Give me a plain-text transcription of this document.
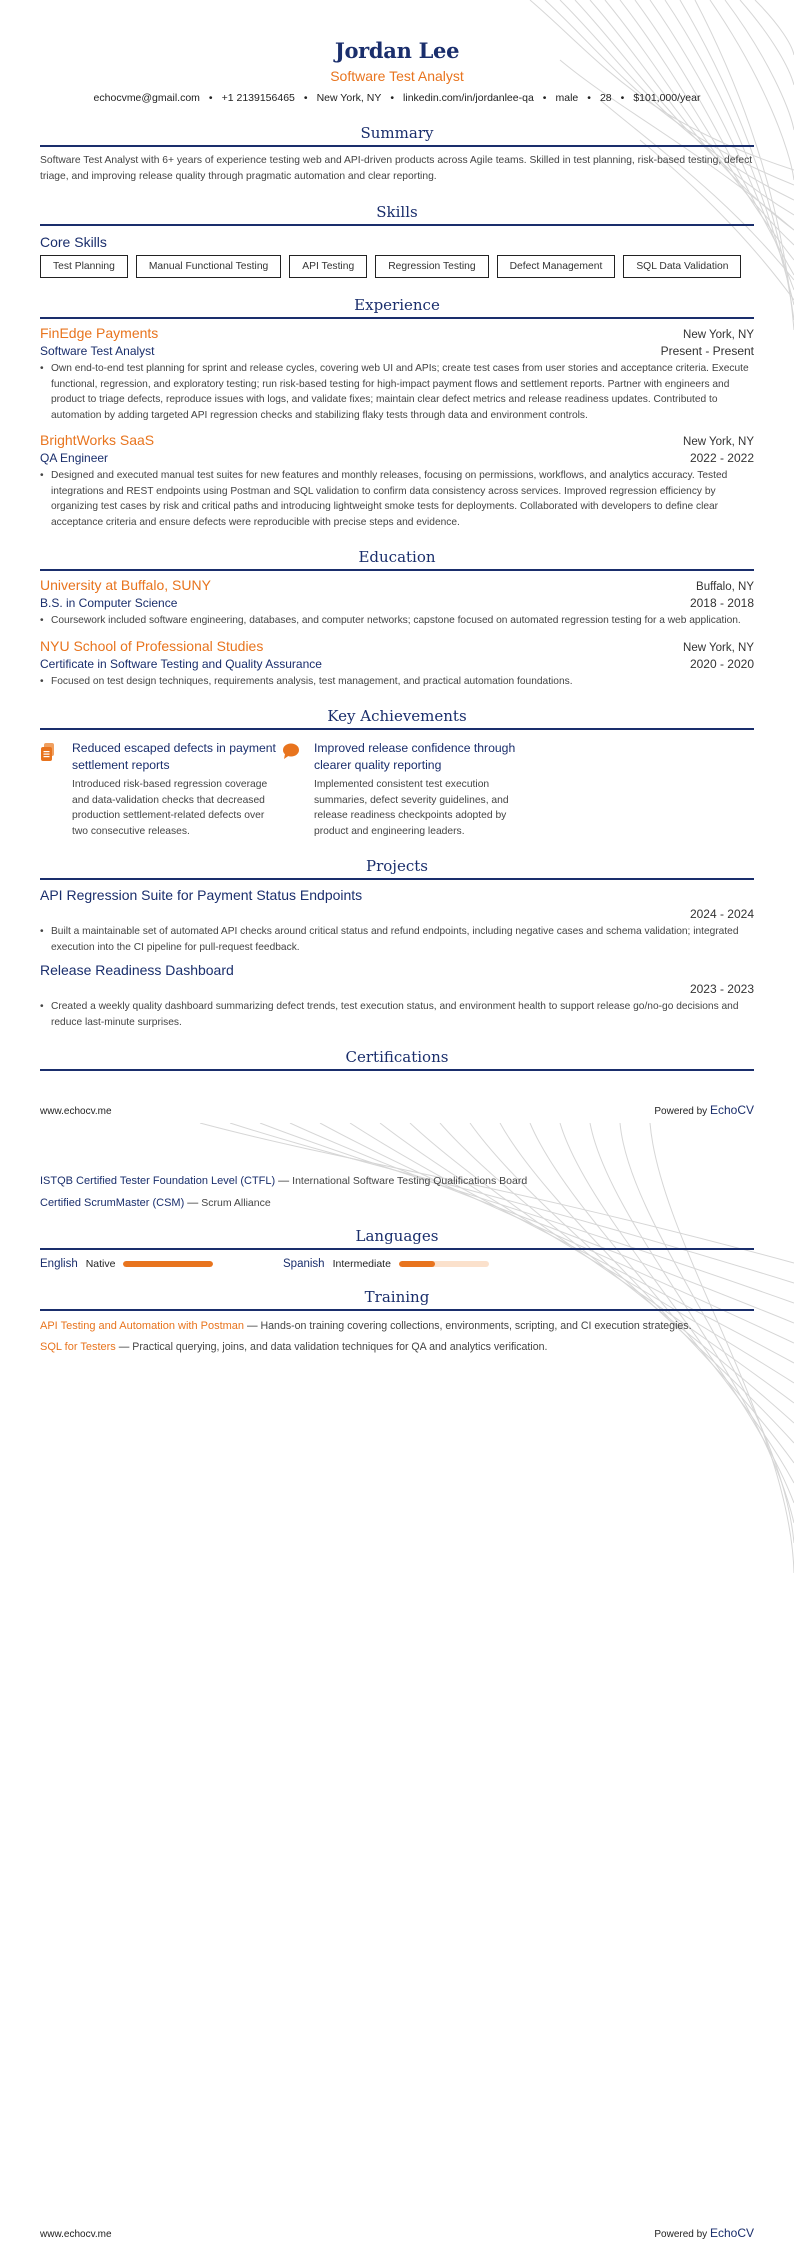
Jordan Lee
Software Test Analyst
echocvme@gmail.com • +1 2139156465 • New York, NY • linkedin.com/in/jordanlee-qa • male • 28 • $101,000/year
Summary

Software Test Analyst with 6+ years of experience testing web and API-driven products across Agile teams. Skilled in test planning, risk-based testing, defect triage, and improving release quality through pragmatic automation and clear reporting.

Skills
Core Skills
Test Planning	Manual Functional Testing	API Testing	Regression Testing	Defect Management	SQL Data Validation
Experience
FinEdge Payments	New York, NY
Software Test Analyst	Present - Present
• Own end-to-end test planning for sprint and release cycles, covering web UI and APIs; create test cases from user stories and acceptance criteria. Execute functional, regression, and exploratory testing; run risk-based testing for high-impact payment flows and settlement reports. Partner with engineers and product to triage defects, reproduce issues with logs, and validate fixes; maintain clear defect metrics and release readiness updates. Contributed to automation by adding targeted API regression checks and stabilizing flaky tests through data and environment controls.
BrightWorks SaaS	New York, NY
QA Engineer	2022 - 2022
• Designed and executed manual test suites for new features and monthly releases, focusing on permissions, workflows, and analytics accuracy. Tested integrations and REST endpoints using Postman and SQL validation to confirm data consistency across services. Improved regression efficiency by organizing test cases by risk and critical paths and introducing lightweight smoke tests for deployments. Collaborated with developers to define clear acceptance criteria and ensure defects were reproducible with precise steps and evidence.
Education
University at Buffalo, SUNY	Buffalo, NY
B.S. in Computer Science	2018 - 2018
• Coursework included software engineering, databases, and computer networks; capstone focused on automated regression testing for a web application.
NYU School of Professional Studies	New York, NY
Certificate in Software Testing and Quality Assurance	2020 - 2020
• Focused on test design techniques, requirements analysis, test management, and practical automation foundations.
Key Achievements
Reduced escaped defects in payment settlement reports
Introduced risk-based regression coverage and data-validation checks that decreased production settlement-related defects over two consecutive releases.
Improved release confidence through clearer quality reporting
Implemented consistent test execution summaries, defect severity guidelines, and release readiness checkpoints adopted by product and engineering leaders.
Projects
API Regression Suite for Payment Status Endpoints
2024 - 2024
• Built a maintainable set of automated API checks around critical status and refund endpoints, including negative cases and schema validation; integrated execution into the CI pipeline for pull-request feedback.
Release Readiness Dashboard
2023 - 2023
• Created a weekly quality dashboard summarizing defect trends, test execution status, and environment health to support release go/no-go decisions and reduce last-minute surprises.
Certifications
www.echocv.me	Powered by EchoCV
ISTQB Certified Tester Foundation Level (CTFL) — International Software Testing Qualifications Board
Certified ScrumMaster (CSM) — Scrum Alliance
Languages
English Native	Spanish Intermediate
Training
API Testing and Automation with Postman — Hands-on training covering collections, environments, scripting, and CI execution strategies.
SQL for Testers — Practical querying, joins, and data validation techniques for QA and analytics verification.
www.echocv.me	Powered by EchoCV
